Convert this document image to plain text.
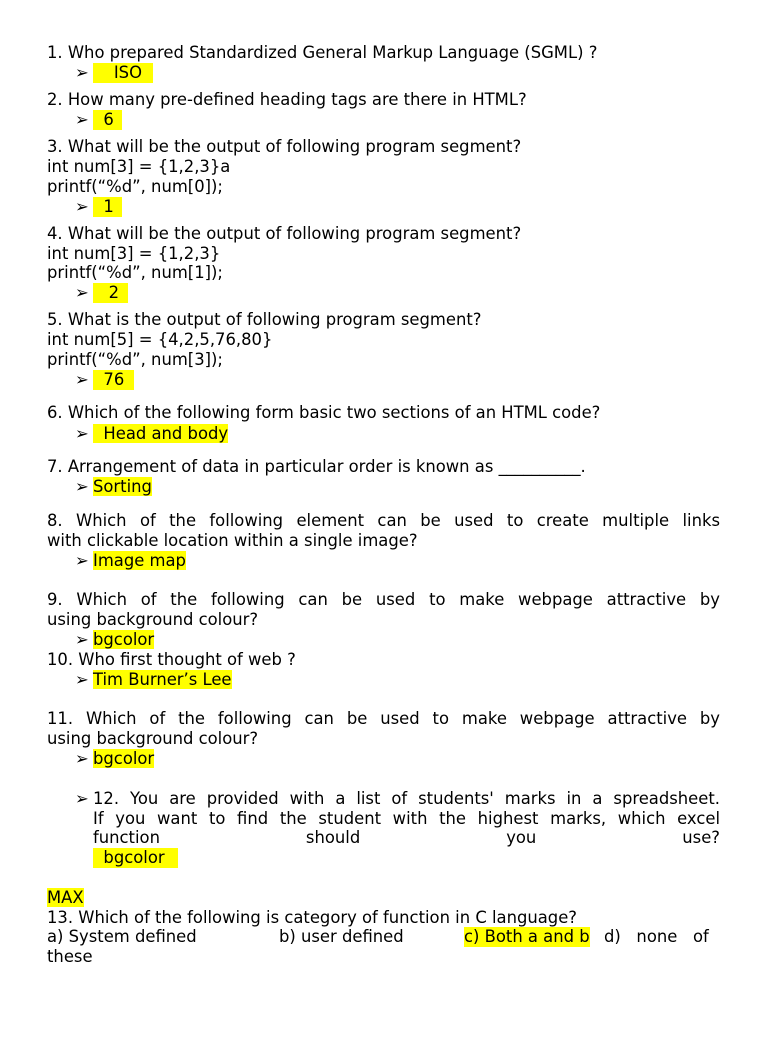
1. Who prepared Standardized General Markup Language (SGML) ?
➢    ISO
2. How many pre-defined heading tags are there in HTML?
➢  6
3. What will be the output of following program segment?
int num[3] = {1,2,3}a
printf(“%d”, num[0]);
➢  1
4. What will be the output of following program segment?
int num[3] = {1,2,3}
printf(“%d”, num[1]);
➢   2
5. What is the output of following program segment?
int num[5] = {4,2,5,76,80}
printf(“%d”, num[3]);
➢  76
6. Which of the following form basic two sections of an HTML code?
➢  Head and body
7. Arrangement of data in particular order is known as __________.
➢ Sorting
8. Which of the following element can be used to create multiple links
with clickable location within a single image?
➢ Image map
9. Which of the following can be used to make webpage attractive by
using background colour?
➢ bgcolor
10. Who first thought of web ?
➢ Tim Burner’s Lee
11. Which of the following can be used to make webpage attractive by
using background colour?
➢ bgcolor
➢ 12. You are provided with a list of students' marks in a spreadsheet.
If you want to find the student with the highest marks, which excel
function should you use?
bgcolor
MAX
13. Which of the following is category of function in C language?

a) System defined

	b) user defined

	c) Both a and b

d)   none   of

these
